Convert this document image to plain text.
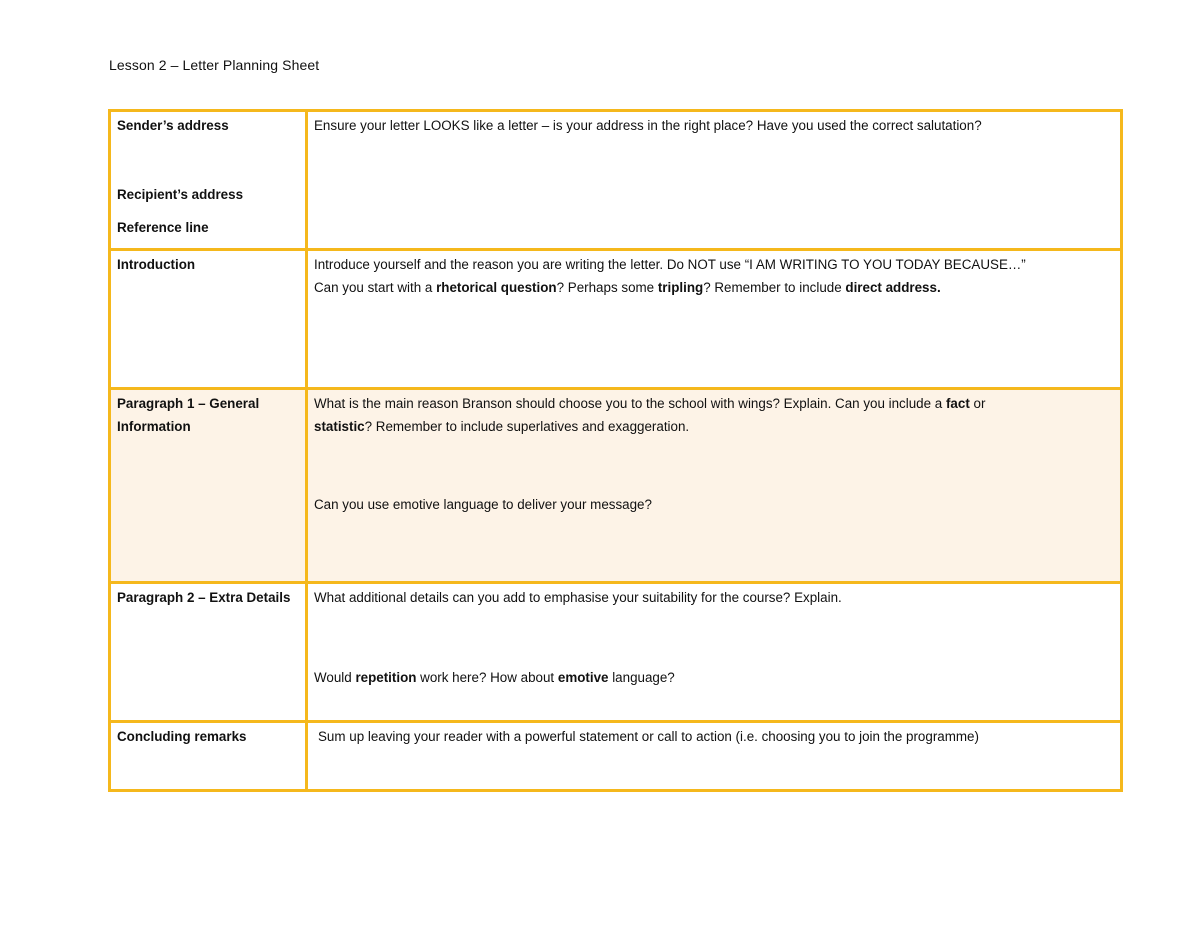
Lesson 2 – Letter Planning Sheet
Sender’s address
Recipient’s address
Reference line	Ensure your letter LOOKS like a letter – is your address in the right place? Have you used the correct salutation?

Introduction	Introduce yourself and the reason you are writing the letter. Do NOT use “I AM WRITING TO YOU TODAY BECAUSE…”
Can you start with a rhetorical question? Perhaps some tripling? Remember to include direct address.

Paragraph 1 – General Information	What is the main reason Branson should choose you to the school with wings? Explain. Can you include a fact or
statistic? Remember to include superlatives and exaggeration.
Can you use emotive language to deliver your message?

Paragraph 2 – Extra Details	What additional details can you add to emphasise your suitability for the course? Explain.
Would repetition work here? How about emotive language?

Concluding remarks	Sum up leaving your reader with a powerful statement or call to action (i.e. choosing you to join the programme)
